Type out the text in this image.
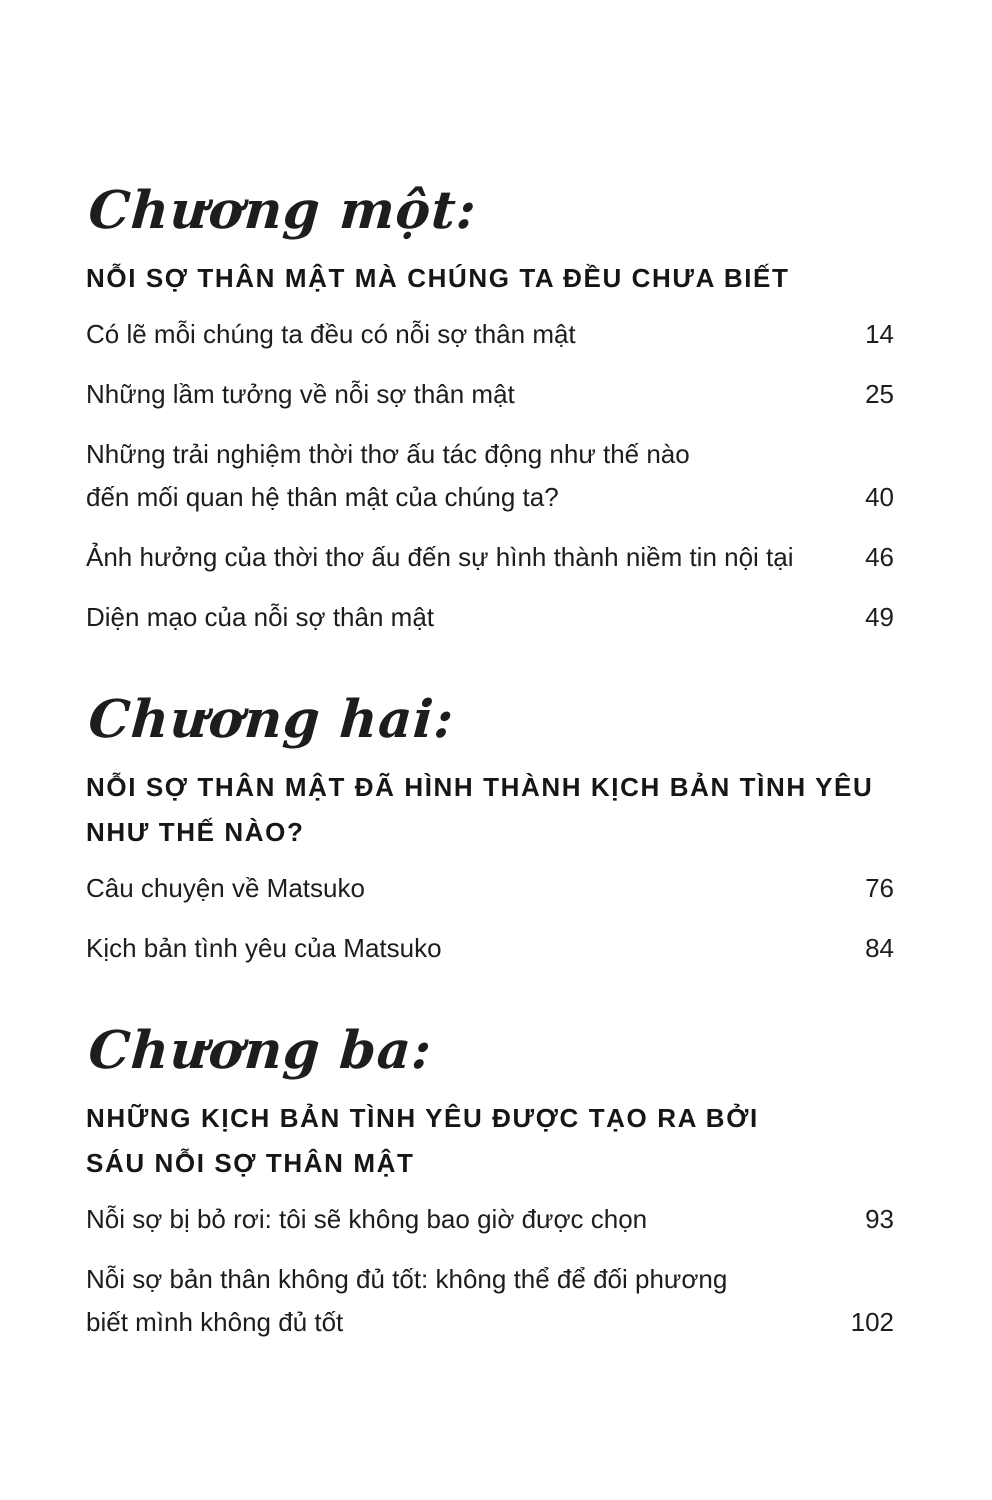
Chương một:
NỖI SỢ THÂN MẬT MÀ CHÚNG TA ĐỀU CHƯA BIẾT
Có lẽ mỗi chúng ta đều có nỗi sợ thân mật	14
Những lầm tưởng về nỗi sợ thân mật	25
Những trải nghiệm thời thơ ấu tác động như thế nào
đến mối quan hệ thân mật của chúng ta?	40
Ảnh hưởng của thời thơ ấu đến sự hình thành niềm tin nội tại	46
Diện mạo của nỗi sợ thân mật	49
Chương hai:
NỖI SỢ THÂN MẬT ĐÃ HÌNH THÀNH KỊCH BẢN TÌNH YÊU
NHƯ THẾ NÀO?
Câu chuyện về Matsuko	76
Kịch bản tình yêu của Matsuko	84
Chương ba:
NHỮNG KỊCH BẢN TÌNH YÊU ĐƯỢC TẠO RA BỞI
SÁU NỖI SỢ THÂN MẬT
Nỗi sợ bị bỏ rơi: tôi sẽ không bao giờ được chọn	93
Nỗi sợ bản thân không đủ tốt: không thể để đối phương
biết mình không đủ tốt	102
